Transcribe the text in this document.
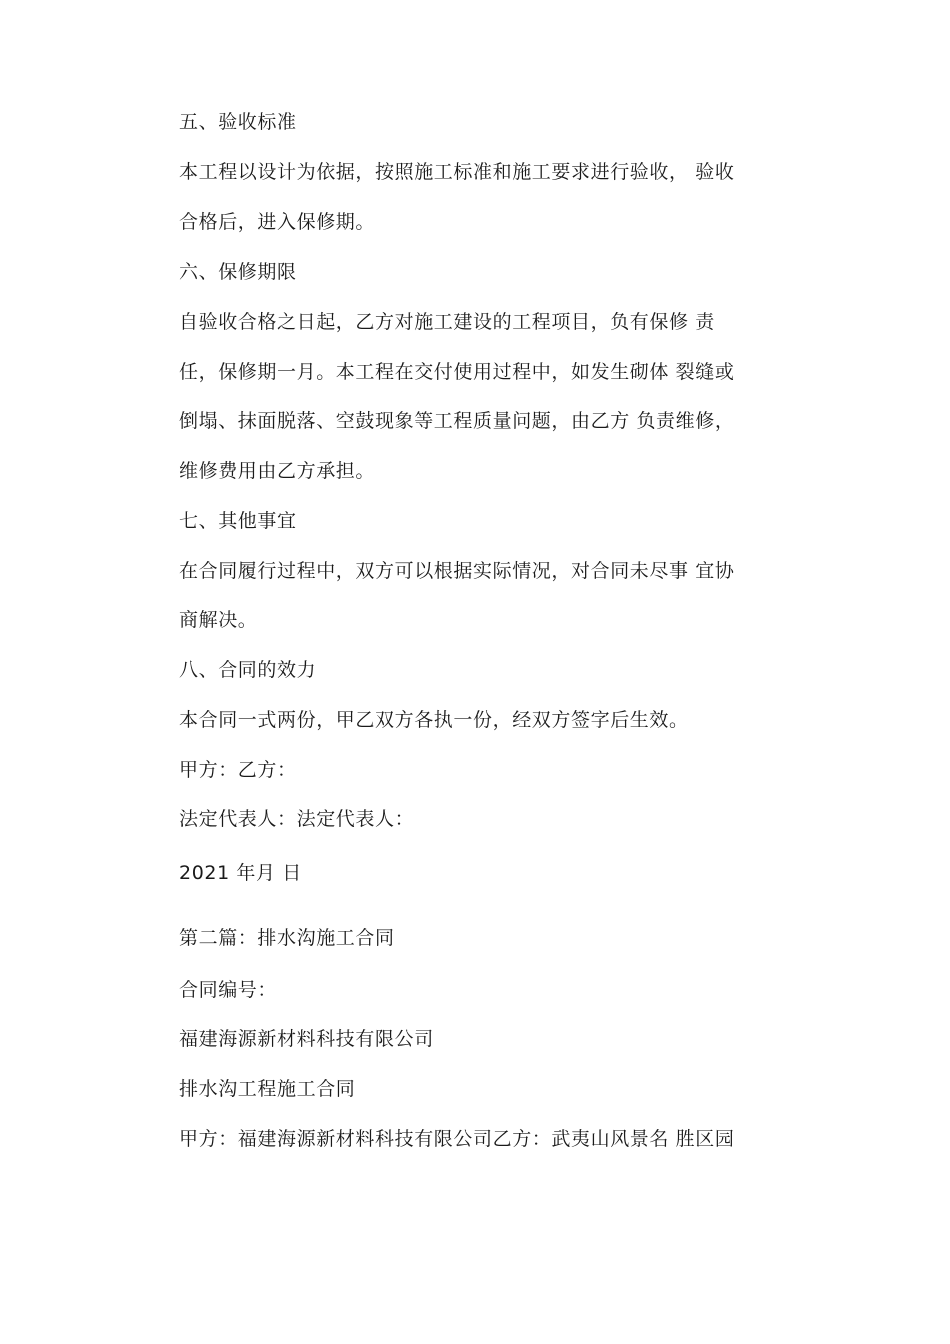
五、验收标准
本工程以设计为依据，按照施工标准和施工要求进行验收， 验收
合格后，进入保修期。
六、保修期限
自验收合格之日起，乙方对施工建设的工程项目，负有保修 责
任，保修期一月。本工程在交付使用过程中，如发生砌体 裂缝或
倒塌、抹面脱落、空鼓现象等工程质量问题，由乙方 负责维修，
维修费用由乙方承担。
七、其他事宜
在合同履行过程中，双方可以根据实际情况，对合同未尽事 宜协
商解决。
八、合同的效力
本合同一式两份，甲乙双方各执一份，经双方签字后生效。
甲方：乙方：
法定代表人：法定代表人：
2021 年月 日
第二篇：排水沟施工合同
合同编号：
福建海源新材料科技有限公司
排水沟工程施工合同
甲方：福建海源新材料科技有限公司乙方：武夷山风景名 胜区园
